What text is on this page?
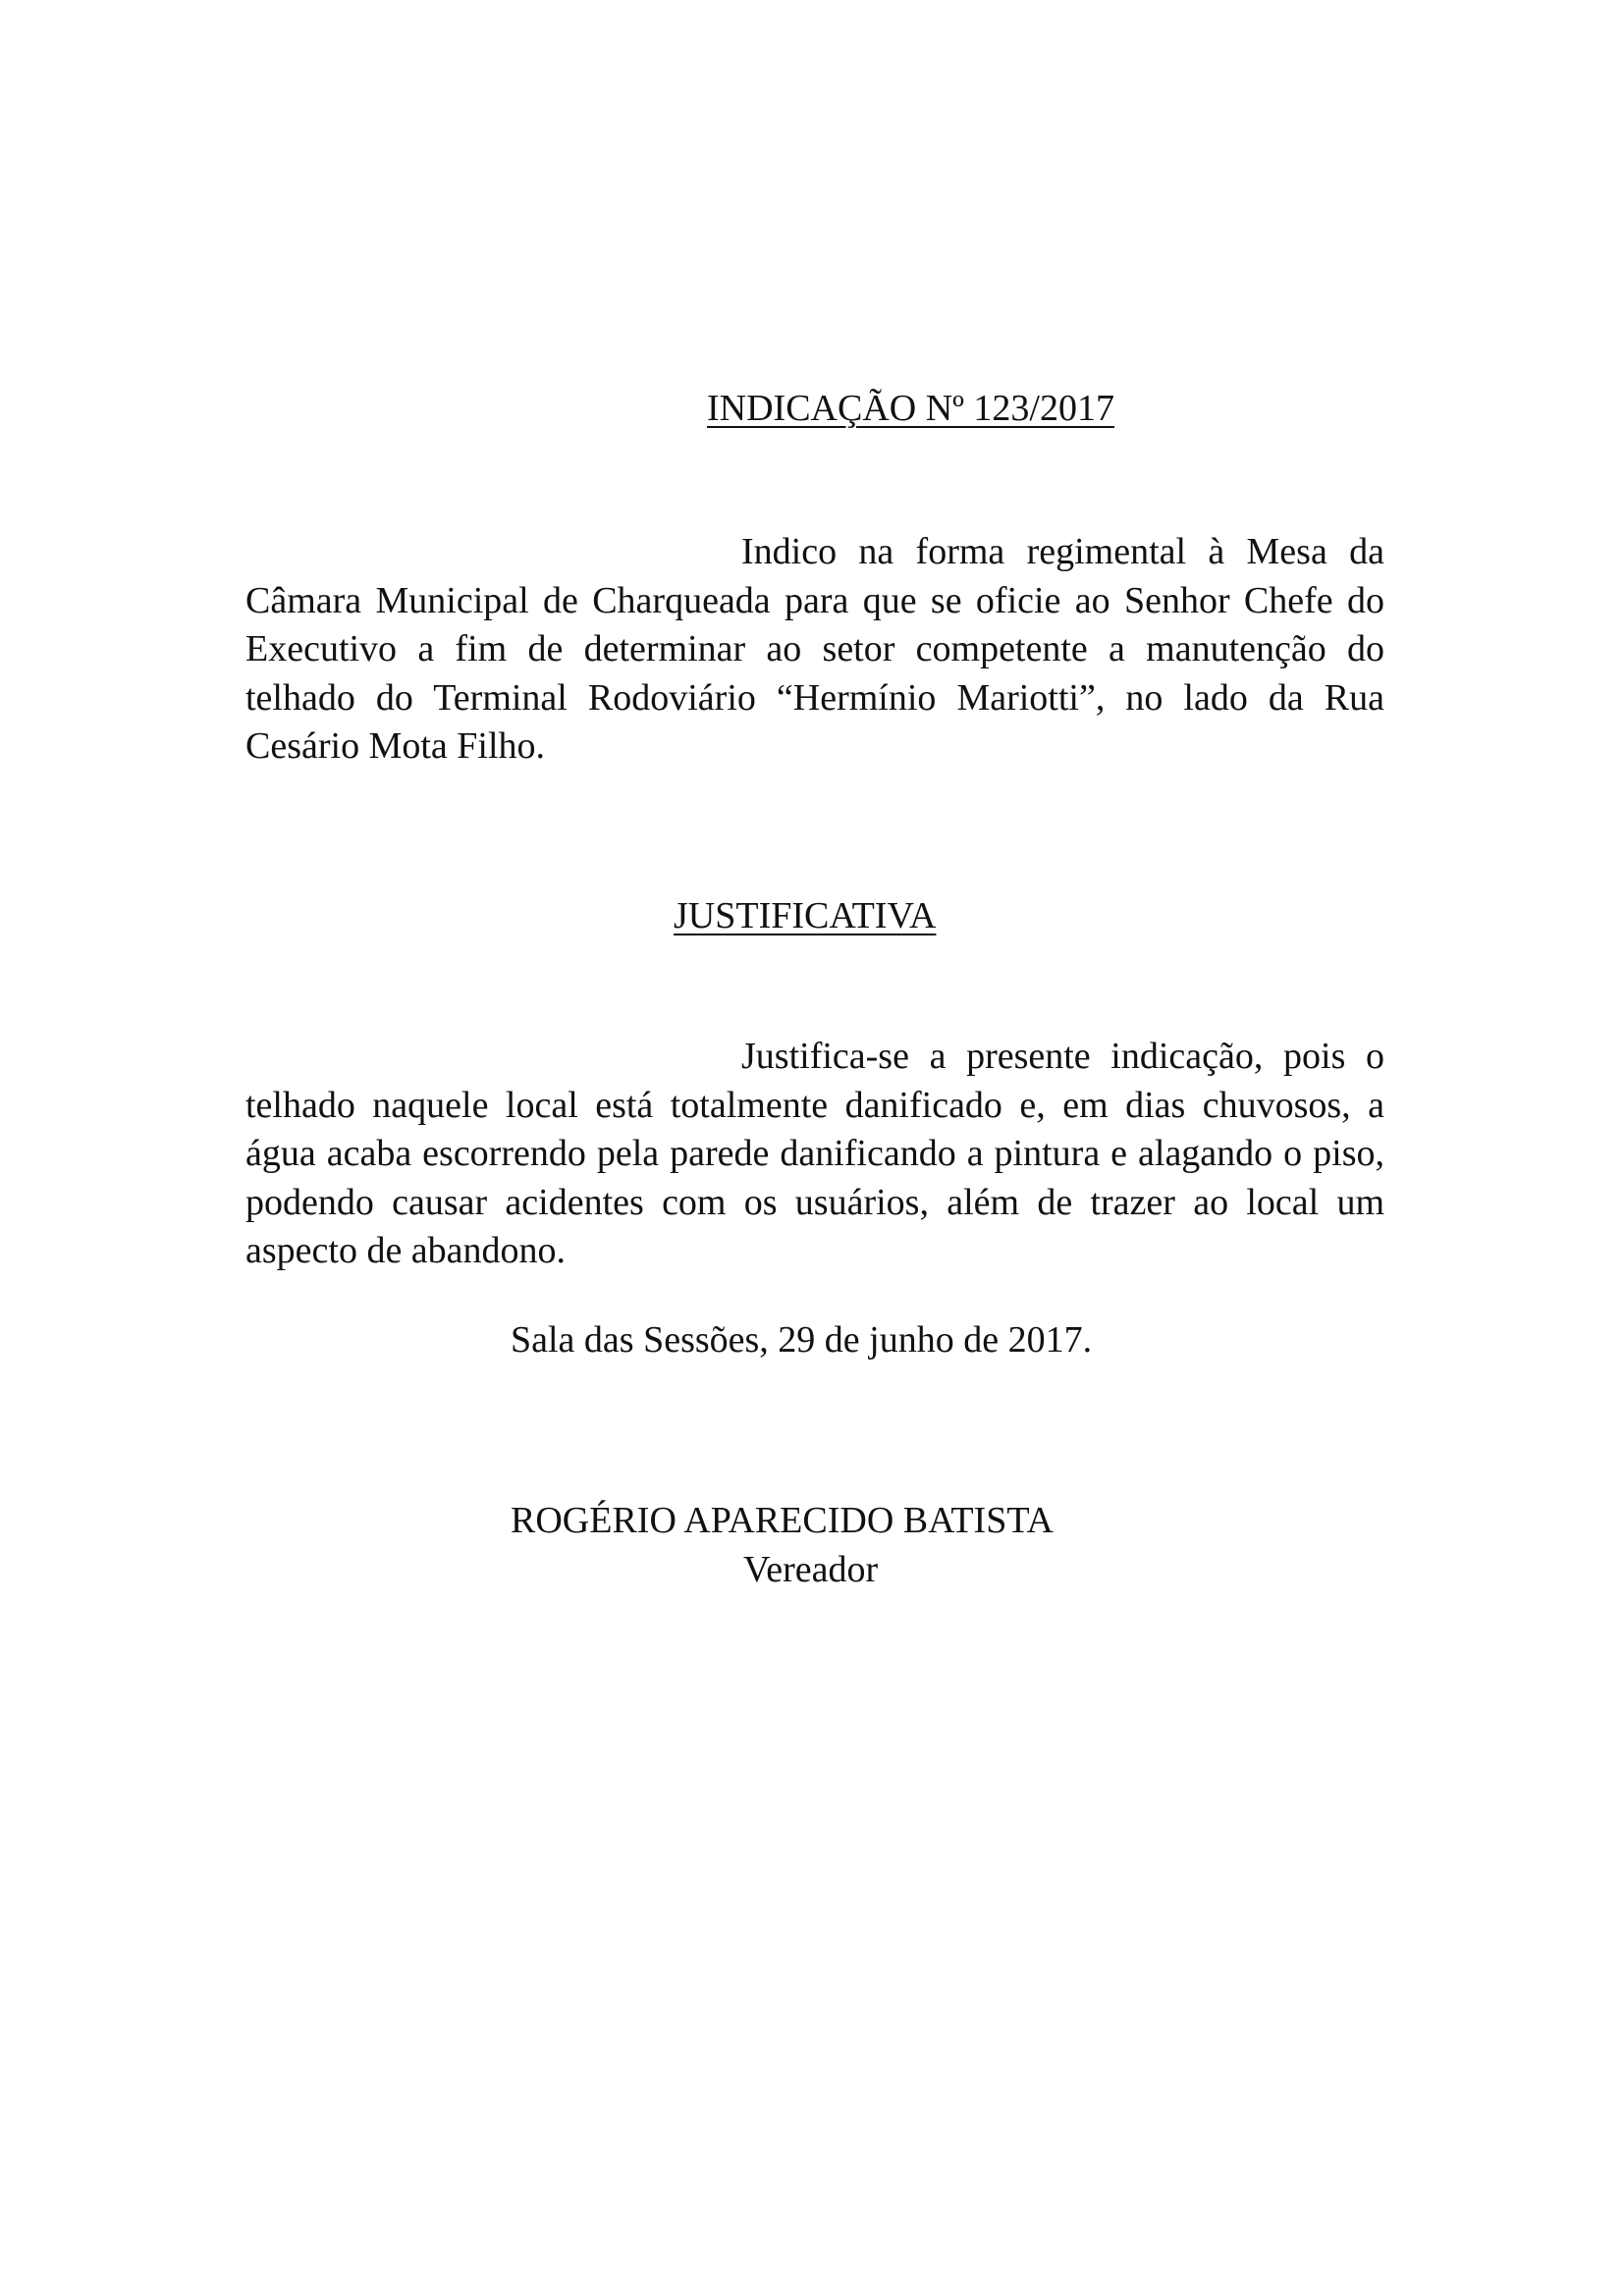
INDICAÇÃO Nº 123/2017
Indico na forma regimental à Mesa da Câmara Municipal de Charqueada para que se oficie ao Senhor Chefe do Executivo a fim de determinar ao setor competente a manutenção do telhado do Terminal Rodoviário “Hermínio Mariotti”, no lado da Rua Cesário Mota Filho.
JUSTIFICATIVA
Justifica-se a presente indicação, pois o telhado naquele local está totalmente danificado e, em dias chuvosos, a água acaba escorrendo pela parede danificando a pintura e alagando o piso, podendo causar acidentes com os usuários, além de trazer ao local um aspecto de abandono.
Sala das Sessões, 29 de junho de 2017.
ROGÉRIO APARECIDO BATISTA
Vereador
